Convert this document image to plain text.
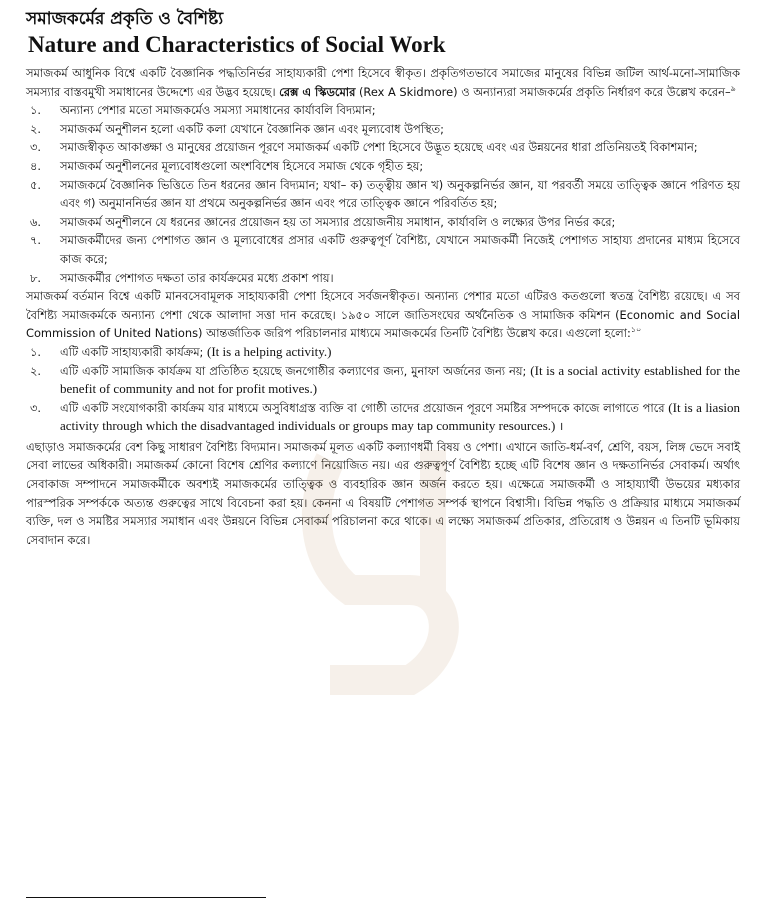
সমাজকর্মের প্রকৃতি ও বৈশিষ্ট্য
Nature and Characteristics of Social Work

সমাজকর্ম আধুনিক বিশ্বে একটি বৈজ্ঞানিক পদ্ধতিনির্ভর সাহায্যকারী পেশা হিসেবে স্বীকৃত। প্রকৃতিগতভাবে সমাজের মানুষের বিভিন্ন জটিল আর্থ-মনো-সামাজিক সমস্যার বাস্তবমুখী সমাধানের উদ্দেশ্যে এর উদ্ভব হয়েছে। রেক্স এ স্কিডমোর (Rex A Skidmore) ও অন্যান্যরা সমাজকর্মের প্রকৃতি নির্ধারণ করে উল্লেখ করেন–$^৯$

১.	অন্যান্য পেশার মতো সমাজকর্মেও সমস্যা সমাধানের কার্যাবলি বিদ্যমান;
২.	সমাজকর্ম অনুশীলন হলো একটি কলা যেখানে বৈজ্ঞানিক জ্ঞান এবং মূল্যবোধ উপস্থিত;
৩.	সমাজস্বীকৃত আকাঙ্ক্ষা ও মানুষের প্রয়োজন পূরণে সমাজকর্ম একটি পেশা হিসেবে উদ্ভূত হয়েছে এবং এর উন্নয়নের ধারা প্রতিনিয়তই বিকাশমান;
৪.	সমাজকর্ম অনুশীলনের মূল্যবোধগুলো অংশবিশেষ হিসেবে সমাজ থেকে গৃহীত হয়;
৫.	সমাজকর্মে বৈজ্ঞানিক ভিত্তিতে তিন ধরনের জ্ঞান বিদ্যমান; যথা– ক) তত্ত্বীয় জ্ঞান খ) অনুকল্পনির্ভর জ্ঞান, যা পরবর্তী সময়ে তাত্ত্বিক জ্ঞানে পরিণত হয় এবং গ) অনুমাননির্ভর জ্ঞান যা প্রথমে অনুকল্পনির্ভর জ্ঞান এবং পরে তাত্ত্বিক জ্ঞানে পরিবর্তিত হয়;
৬.	সমাজকর্ম অনুশীলনে যে ধরনের জ্ঞানের প্রয়োজন হয় তা সমস্যার প্রয়োজনীয় সমাধান, কার্যাবলি ও লক্ষ্যের উপর নির্ভর করে;
৭.	সমাজকর্মীদের জন্য পেশাগত জ্ঞান ও মূল্যবোধের প্রসার একটি গুরুত্বপূর্ণ বৈশিষ্ট্য, যেখানে সমাজকর্মী নিজেই পেশাগত সাহায্য প্রদানের মাধ্যম হিসেবে কাজ করে;
৮.	সমাজকর্মীর পেশাগত দক্ষতা তার কার্যক্রমের মধ্যে প্রকাশ পায়।

সমাজকর্ম বর্তমান বিশ্বে একটি মানবসেবামূলক সাহায্যকারী পেশা হিসেবে সর্বজনস্বীকৃত। অন্যান্য পেশার মতো এটিরও কতগুলো স্বতন্ত্র বৈশিষ্ট্য রয়েছে। এ সব বৈশিষ্ট্য সমাজকর্মকে অন্যান্য পেশা থেকে আলাদা সত্তা দান করেছে। ১৯৫০ সালে জাতিসংঘের অর্থনৈতিক ও সামাজিক কমিশন (Economic and Social Commission of United Nations) আন্তর্জাতিক জরিপ পরিচালনার মাধ্যমে সমাজকর্মের তিনটি বৈশিষ্ট্য উল্লেখ করে। এগুলো হলো:$^{১০}$

১.	এটি একটি সাহায্যকারী কার্যক্রম; (It is a helping activity.)
২.	এটি একটি সামাজিক কার্যক্রম যা প্রতিষ্ঠিত হয়েছে জনগোষ্ঠীর কল্যাণের জন্য, মুনাফা অর্জনের জন্য নয়; (It is a social activity established for the benefit of community and not for profit motives.)
৩.	এটি একটি সংযোগকারী কার্যক্রম যার মাধ্যমে অসুবিধাগ্রস্ত ব্যক্তি বা গোষ্ঠী তাদের প্রয়োজন পূরণে সমষ্টির সম্পদকে কাজে লাগাতে পারে (It is a liasion activity through which the disadvantaged individuals or groups may tap community resources.) ।

এছাড়াও সমাজকর্মের বেশ কিছু সাধারণ বৈশিষ্ট্য বিদ্যমান। সমাজকর্ম মূলত একটি কল্যাণধর্মী বিষয় ও পেশা। এখানে জাতি-ধর্ম-বর্ণ, শ্রেণি, বয়স, লিঙ্গ ভেদে সবাই সেবা লাভের অধিকারী। সমাজকর্ম কোনো বিশেষ শ্রেণির কল্যাণে নিয়োজিত নয়। এর গুরুত্বপূর্ণ বৈশিষ্ট্য হচ্ছে এটি বিশেষ জ্ঞান ও দক্ষতানির্ভর সেবাকর্ম। অর্থাৎ সেবাকাজ সম্পাদনে সমাজকর্মীকে অবশ্যই সমাজকর্মের তাত্ত্বিক ও ব্যবহারিক জ্ঞান অর্জন করতে হয়। এক্ষেত্রে সমাজকর্মী ও সাহায্যার্থী উভয়ের মধ্যকার পারস্পরিক সম্পর্ককে অত্যন্ত গুরুত্বের সাথে বিবেচনা করা হয়। কেননা এ বিষয়টি পেশাগত সম্পর্ক স্থাপনে বিশ্বাসী। বিভিন্ন পদ্ধতি ও প্রক্রিয়ার মাধ্যমে সমাজকর্ম ব্যক্তি, দল ও সমষ্টির সমস্যার সমাধান এবং উন্নয়নে বিভিন্ন সেবাকর্ম পরিচালনা করে থাকে। এ লক্ষ্যে সমাজকর্ম প্রতিকার, প্রতিরোধ ও উন্নয়ন এ তিনটি ভূমিকায় সেবাদান করে।
